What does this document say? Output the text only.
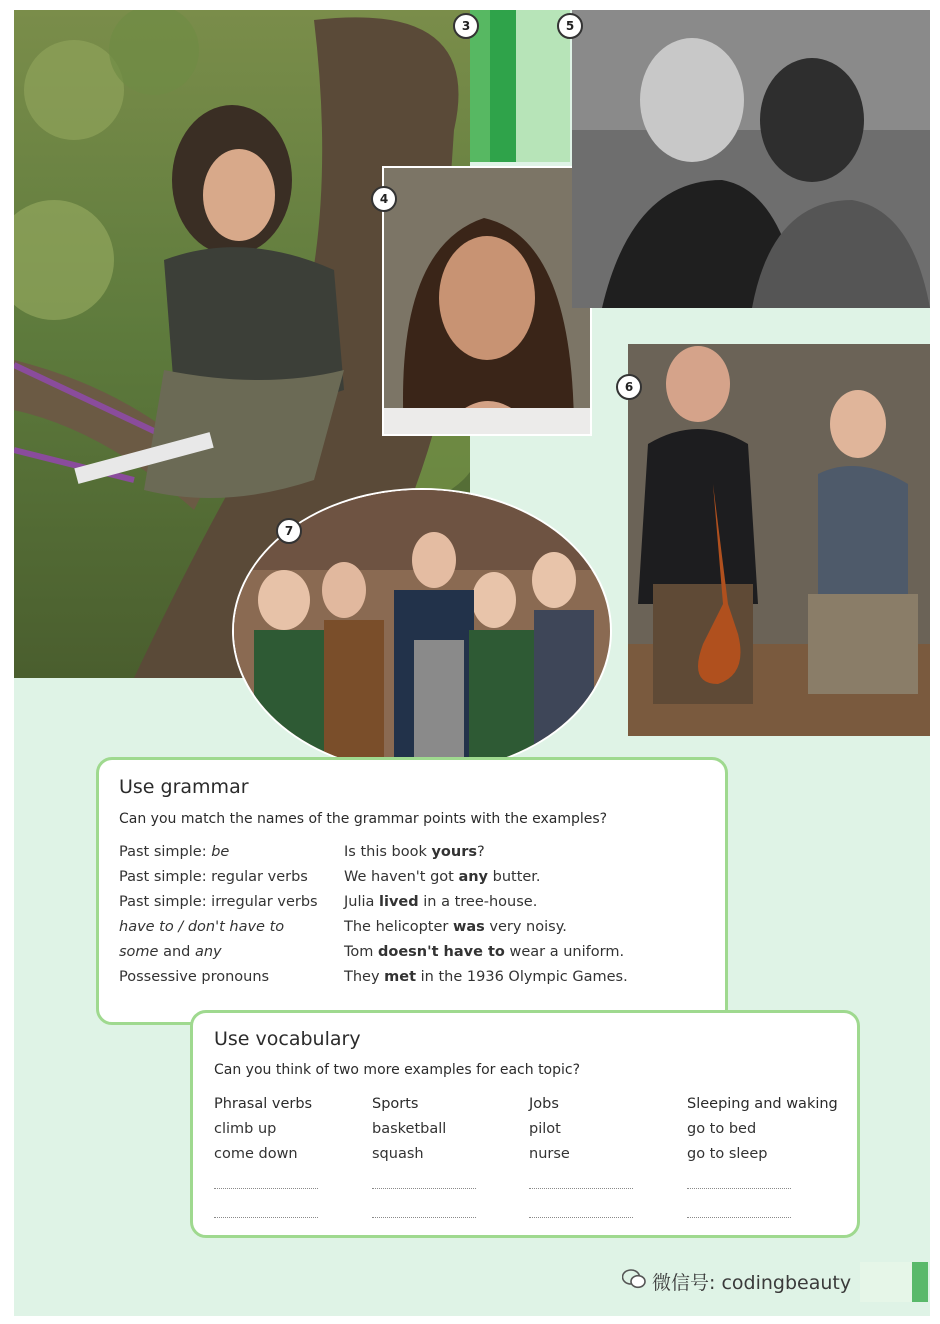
3
4
5
6
7
Use grammar
Can you match the names of the grammar points with the examples?
Past simple: be
Past simple: regular verbs
Past simple: irregular verbs
have to / don't have to
some and any
Possessive pronouns
Is this book yours?
We haven't got any butter.
Julia lived in a tree-house.
The helicopter was very noisy.
Tom doesn't have to wear a uniform.
They met in the 1936 Olympic Games.
Use vocabulary
Can you think of two more examples for each topic?
Phrasal verbs
climb up
come down
Sports
basketball
squash
Jobs
pilot
nurse
Sleeping and waking
go to bed
go to sleep
微信号: codingbeauty
